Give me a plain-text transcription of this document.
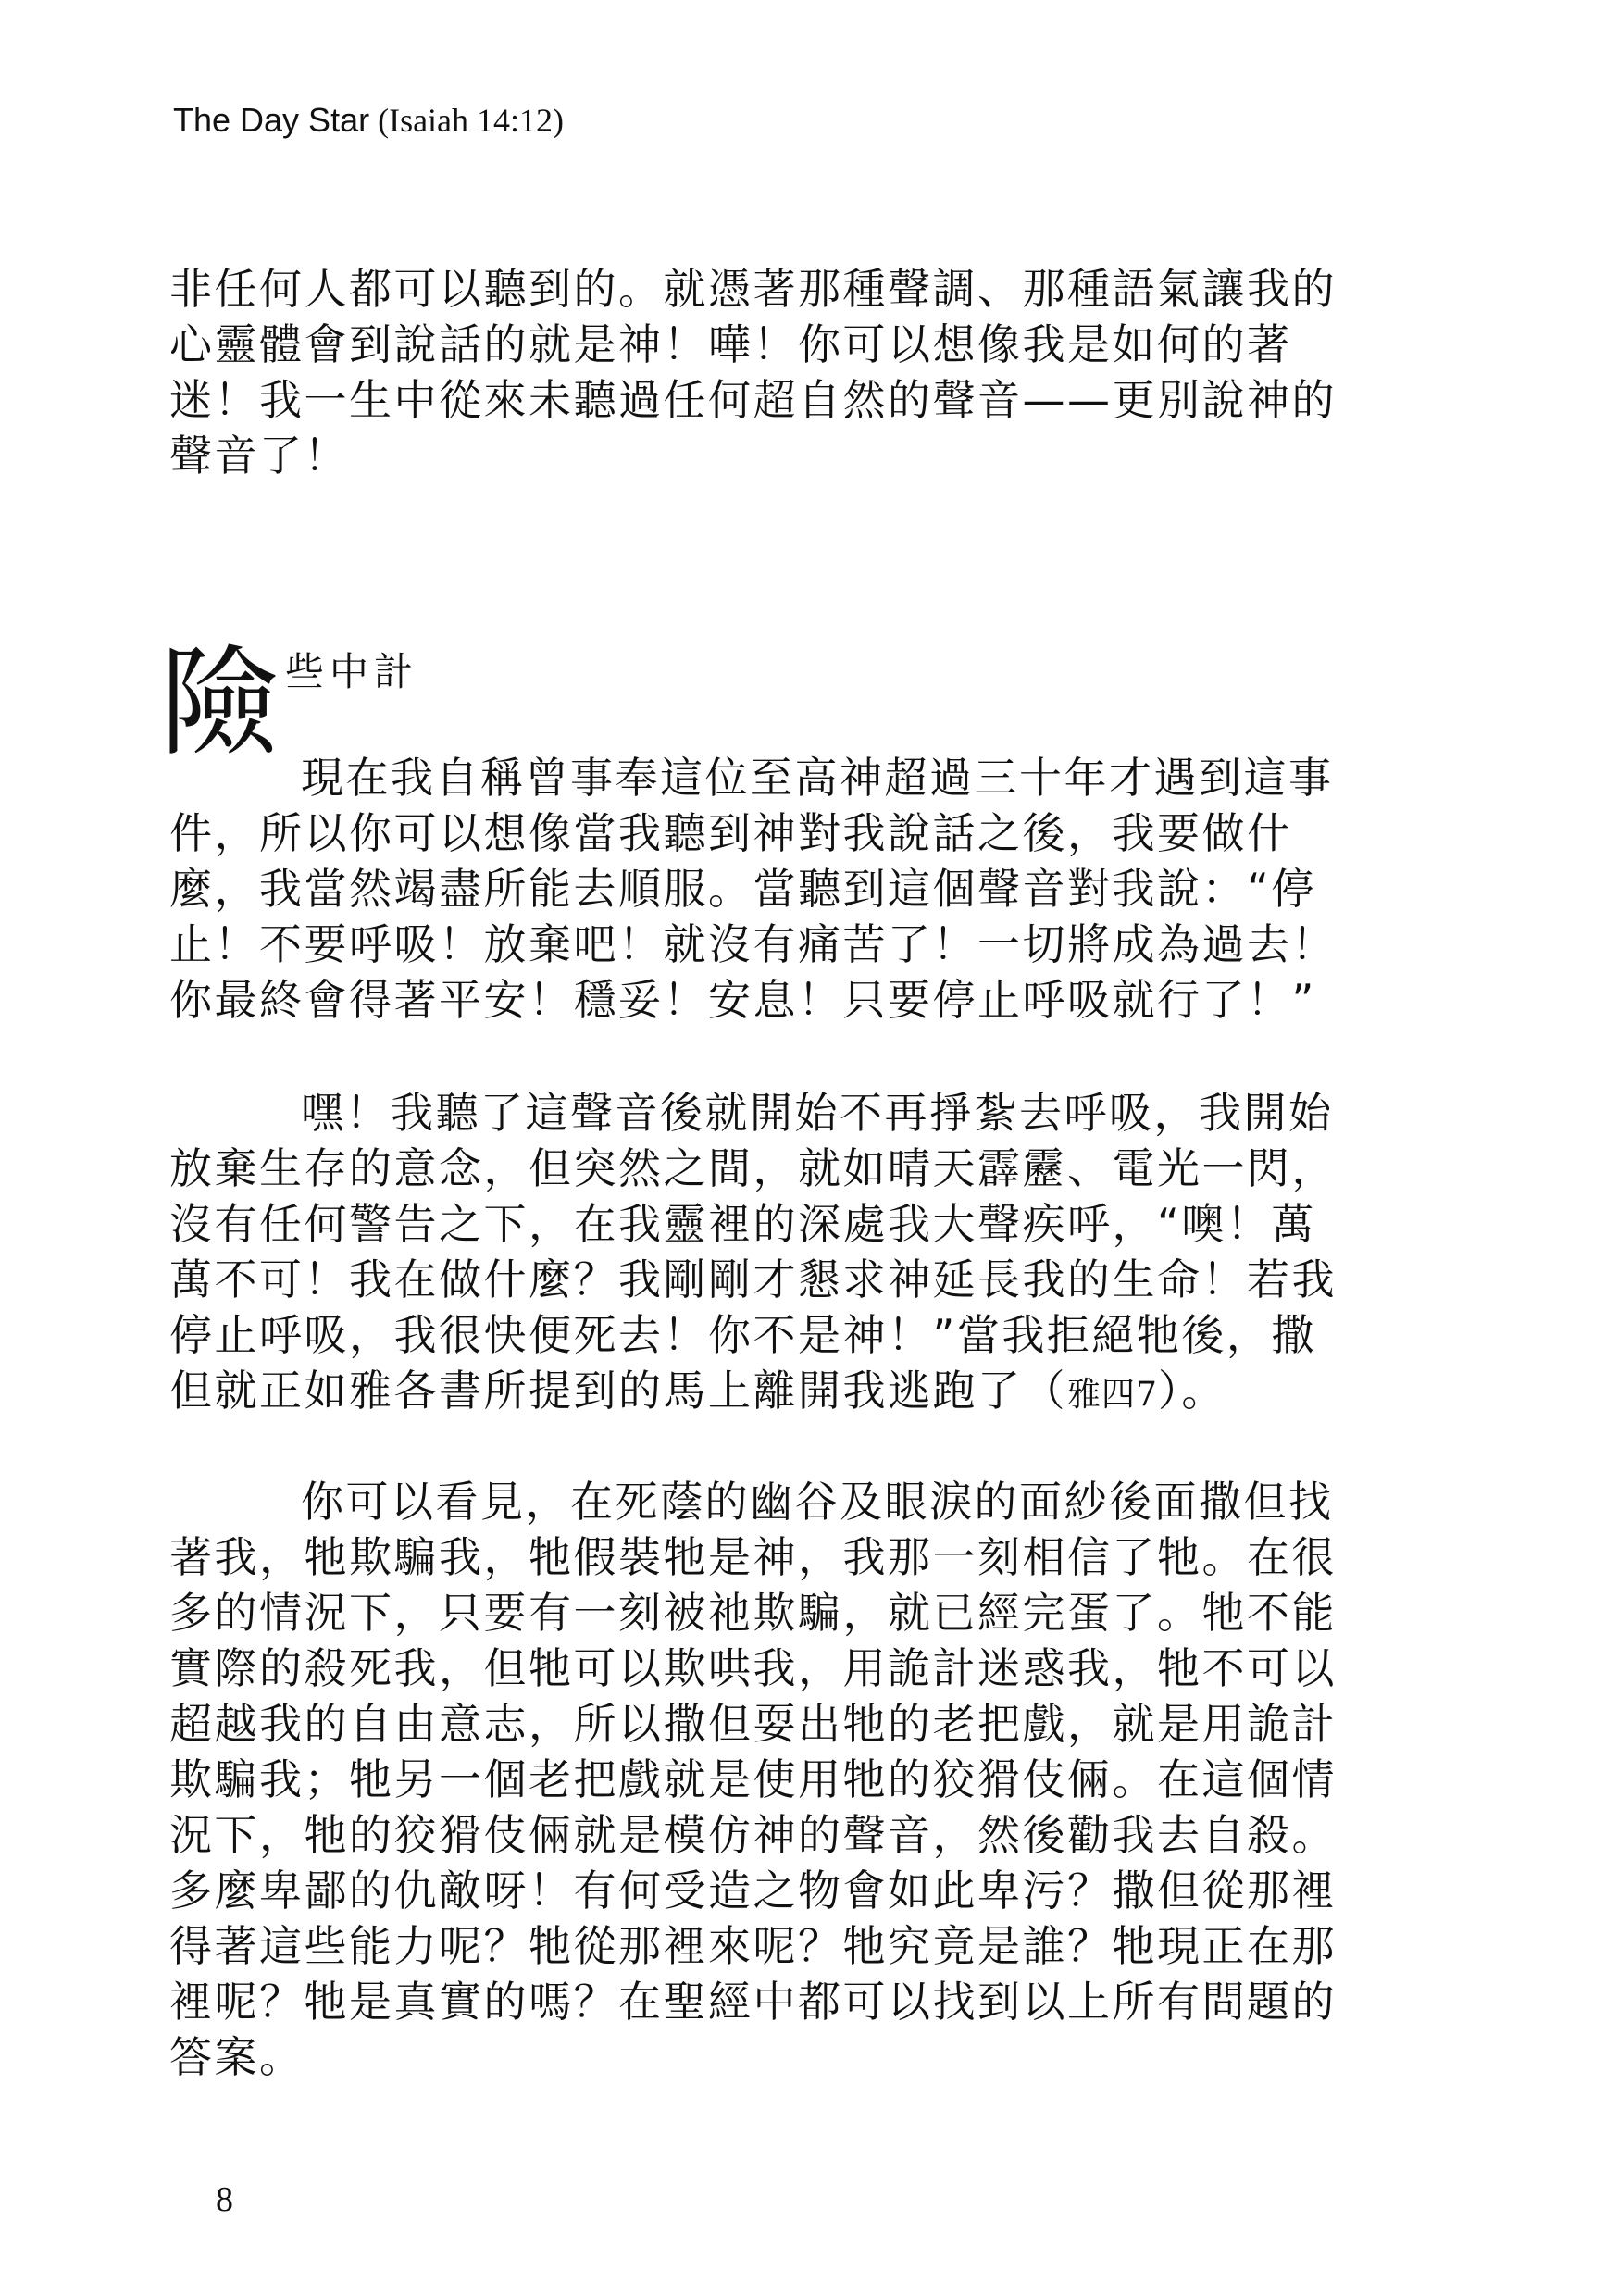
The Day Star (Isaiah 14:12)
非任何人都可以聽到的。就憑著那種聲調、那種語氣讓我的
心靈體會到說話的就是神！嘩！你可以想像我是如何的著
迷！我一生中從來未聽過任何超自然的聲音——更別說神的
聲音了！
險 些中計
現在我自稱曾事奉這位至高神超過三十年才遇到這事
件，所以你可以想像當我聽到神對我說話之後，我要做什
麼，我當然竭盡所能去順服。當聽到這個聲音對我說：“停
止！不要呼吸！放棄吧！就沒有痛苦了！一切將成為過去！
你最終會得著平安！穩妥！安息！只要停止呼吸就行了！”
嘿！我聽了這聲音後就開始不再掙紮去呼吸，我開始
放棄生存的意念，但突然之間，就如晴天霹靂、電光一閃，
沒有任何警告之下，在我靈裡的深處我大聲疾呼，“噢！萬
萬不可！我在做什麼？我剛剛才懇求神延長我的生命！若我
停止呼吸，我很快便死去！你不是神！”當我拒絕牠後，撒
但就正如雅各書所提到的馬上離開我逃跑了（雅四7）。
你可以看見，在死蔭的幽谷及眼淚的面紗後面撒但找
著我，牠欺騙我，牠假裝牠是神，我那一刻相信了牠。在很
多的情況下，只要有一刻被祂欺騙，就已經完蛋了。牠不能
實際的殺死我，但牠可以欺哄我，用詭計迷惑我，牠不可以
超越我的自由意志，所以撒但耍出牠的老把戲，就是用詭計
欺騙我；牠另一個老把戲就是使用牠的狡猾伎倆。在這個情
況下，牠的狡猾伎倆就是模仿神的聲音，然後勸我去自殺。
多麼卑鄙的仇敵呀！有何受造之物會如此卑污？撒但從那裡
得著這些能力呢？牠從那裡來呢？牠究竟是誰？牠現正在那
裡呢？牠是真實的嗎？在聖經中都可以找到以上所有問題的
答案。
8
